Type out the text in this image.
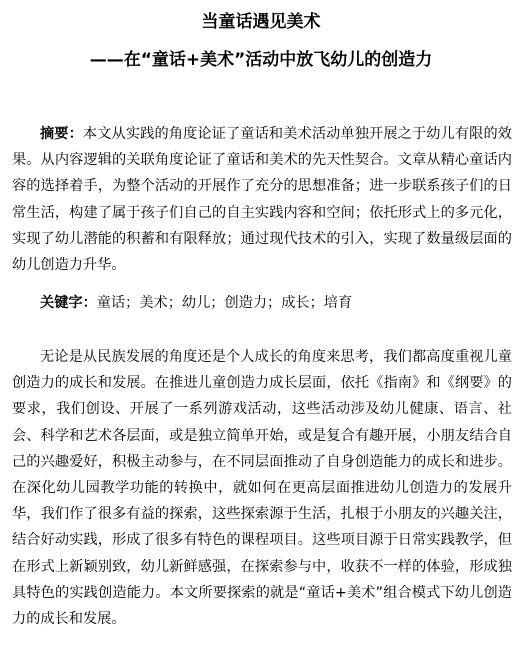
当童话遇见美术
——在“童话+美术”活动中放飞幼儿的创造力

摘要：本文从实践的角度论证了童话和美术活动单独开展之于幼儿有限的效果。从内容逻辑的关联角度论证了童话和美术的先天性契合。文章从精心童话内容的选择着手，为整个活动的开展作了充分的思想准备；进一步联系孩子们的日常生活，构建了属于孩子们自己的自主实践内容和空间；依托形式上的多元化，实现了幼儿潜能的积蓄和有限释放；通过现代技术的引入，实现了数量级层面的幼儿创造力升华。

关键字：童话；美术；幼儿；创造力；成长；培育

无论是从民族发展的角度还是个人成长的角度来思考，我们都高度重视儿童创造力的成长和发展。在推进儿童创造力成长层面，依托《指南》和《纲要》的要求，我们创设、开展了一系列游戏活动，这些活动涉及幼儿健康、语言、社会、科学和艺术各层面，或是独立简单开始，或是复合有趣开展，小朋友结合自己的兴趣爱好，积极主动参与，在不同层面推动了自身创造能力的成长和进步。在深化幼儿园教学功能的转换中，就如何在更高层面推进幼儿创造力的发展升华，我们作了很多有益的探索，这些探索源于生活，扎根于小朋友的兴趣关注，结合好动实践，形成了很多有特色的课程项目。这些项目源于日常实践教学，但在形式上新颖别致，幼儿新鲜感强，在探索参与中，收获不一样的体验，形成独具特色的实践创造能力。本文所要探索的就是“童话+美术”组合模式下幼儿创造力的成长和发展。
